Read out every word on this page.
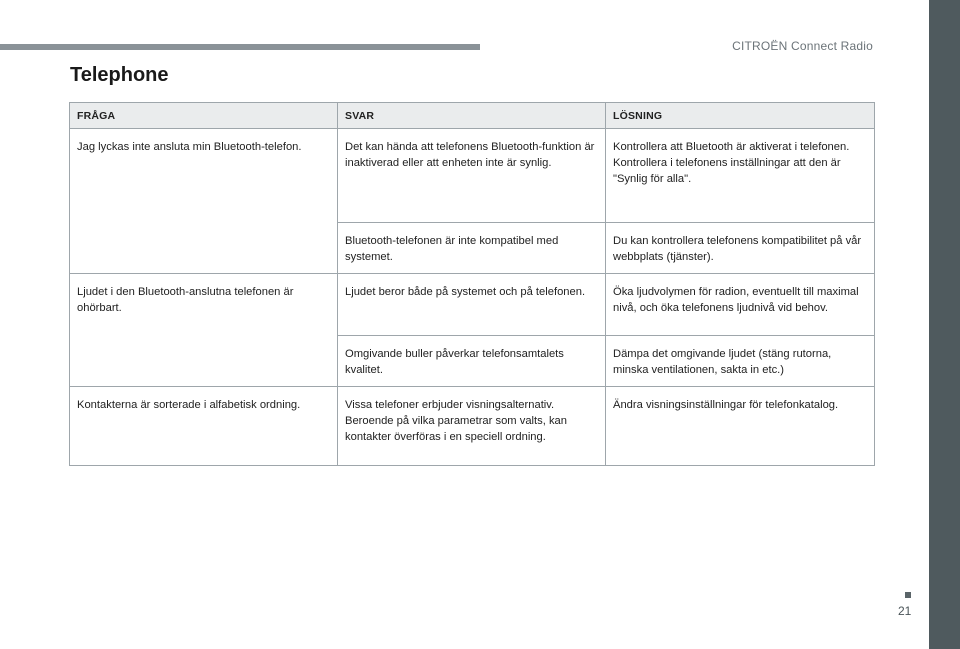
CITROËN Connect Radio
Telephone
FRÅGA	SVAR	LÖSNING
Jag lyckas inte ansluta min Bluetooth-telefon.	Det kan hända att telefonens Bluetooth-funktion är inaktiverad eller att enheten inte är synlig.	Kontrollera att Bluetooth är aktiverat i telefonen.
Kontrollera i telefonens inställningar att den är "Synlig för alla".

	Bluetooth-telefonen är inte kompatibel med systemet.	Du kan kontrollera telefonens kompatibilitet på vår webbplats (tjänster).

Ljudet i den Bluetooth-anslutna telefonen är ohörbart.	Ljudet beror både på systemet och på telefonen.	Öka ljudvolymen för radion, eventuellt till maximal nivå, och öka telefonens ljudnivå vid behov.

	Omgivande buller påverkar telefonsamtalets kvalitet.	Dämpa det omgivande ljudet (stäng rutorna, minska ventilationen, sakta in etc.)

Kontakterna är sorterade i alfabetisk ordning.	Vissa telefoner erbjuder visningsalternativ. Beroende på vilka parametrar som valts, kan kontakter överföras i en speciell ordning.	Ändra visningsinställningar för telefonkatalog.
21
